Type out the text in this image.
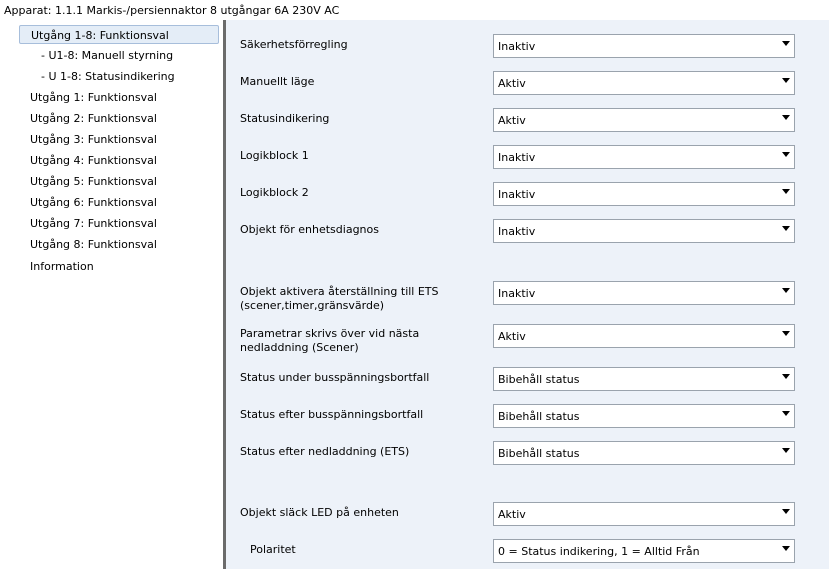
Apparat: 1.1.1 Markis-/persiennaktor 8 utgångar 6A 230V AC
Utgång 1-8: Funktionsval
- U1-8: Manuell styrning
- U 1-8: Statusindikering
Utgång 1: Funktionsval
Utgång 2: Funktionsval
Utgång 3: Funktionsval
Utgång 4: Funktionsval
Utgång 5: Funktionsval
Utgång 6: Funktionsval
Utgång 7: Funktionsval
Utgång 8: Funktionsval
Information
Säkerhetsförregling	Inaktiv
Manuellt läge	Aktiv
Statusindikering	Aktiv
Logikblock 1	Inaktiv
Logikblock 2	Inaktiv
Objekt för enhetsdiagnos	Inaktiv
Objekt aktivera återställning till ETS
(scener,timer,gränsvärde)
Inaktiv
Parametrar skrivs över vid nästa
nedladdning (Scener)
Aktiv
Status under busspänningsbortfall	Bibehåll status
Status efter busspänningsbortfall	Bibehåll status
Status efter nedladdning (ETS)	Bibehåll status
Objekt släck LED på enheten	Aktiv
Polaritet	0 = Status indikering, 1 = Alltid Från
